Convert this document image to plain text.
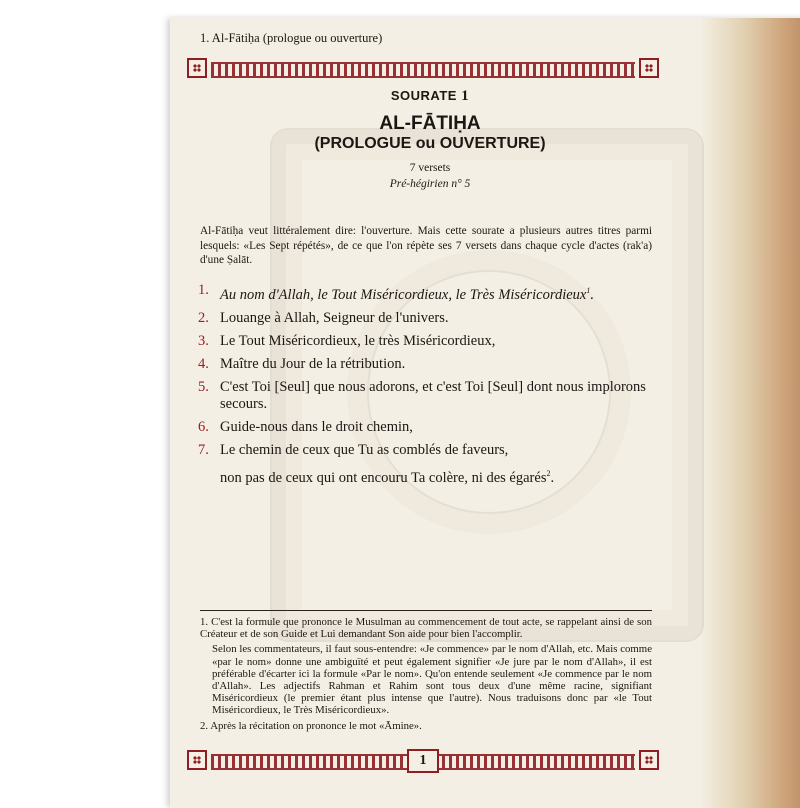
1. Al-Fātiḥa (prologue ou ouverture)
SOURATE 1
AL-FĀTIḤA
(PROLOGUE ou OUVERTURE)
7 versets
Pré-hégirien n° 5
Al-Fātiḥa veut littéralement dire: l'ouverture. Mais cette sourate a plusieurs autres titres parmi lesquels: «Les Sept répétés», de ce que l'on répète ses 7 versets dans chaque cycle d'actes (rak'a) d'une Ṣalāt.
1. Au nom d'Allah, le Tout Miséricordieux, le Très Miséricordieux$^1$.
2. Louange à Allah, Seigneur de l'univers.
3. Le Tout Miséricordieux, le très Miséricordieux,
4. Maître du Jour de la rétribution.
5. C'est Toi [Seul] que nous adorons, et c'est Toi [Seul] dont nous implorons
secours.
6. Guide-nous dans le droit chemin,
7. Le chemin de ceux que Tu as comblés de faveurs,
non pas de ceux qui ont encouru Ta colère, ni des égarés$^2$.

1. C'est la formule que prononce le Musulman au commencement de tout acte, se rappelant ainsi de son Créateur et de son Guide et Lui demandant Son aide pour bien l'accomplir.

Selon les commentateurs, il faut sous-entendre: «Je commence» par le nom d'Allah, etc. Mais comme «par le nom» donne une ambiguïté et peut également signifier «Je jure par le nom d'Allah», il est préférable d'écarter ici la formule «Par le nom». Qu'on entende seulement «Je commence par le nom d'Allah». Les adjectifs Rahman et Rahim sont tous deux d'une même racine, signifiant Miséricordieux (le premier étant plus intense que l'autre). Nous traduisons donc par «le Tout Miséricordieux, le Très Miséricordieux».

2. Après la récitation on prononce le mot «Āmine».

1
